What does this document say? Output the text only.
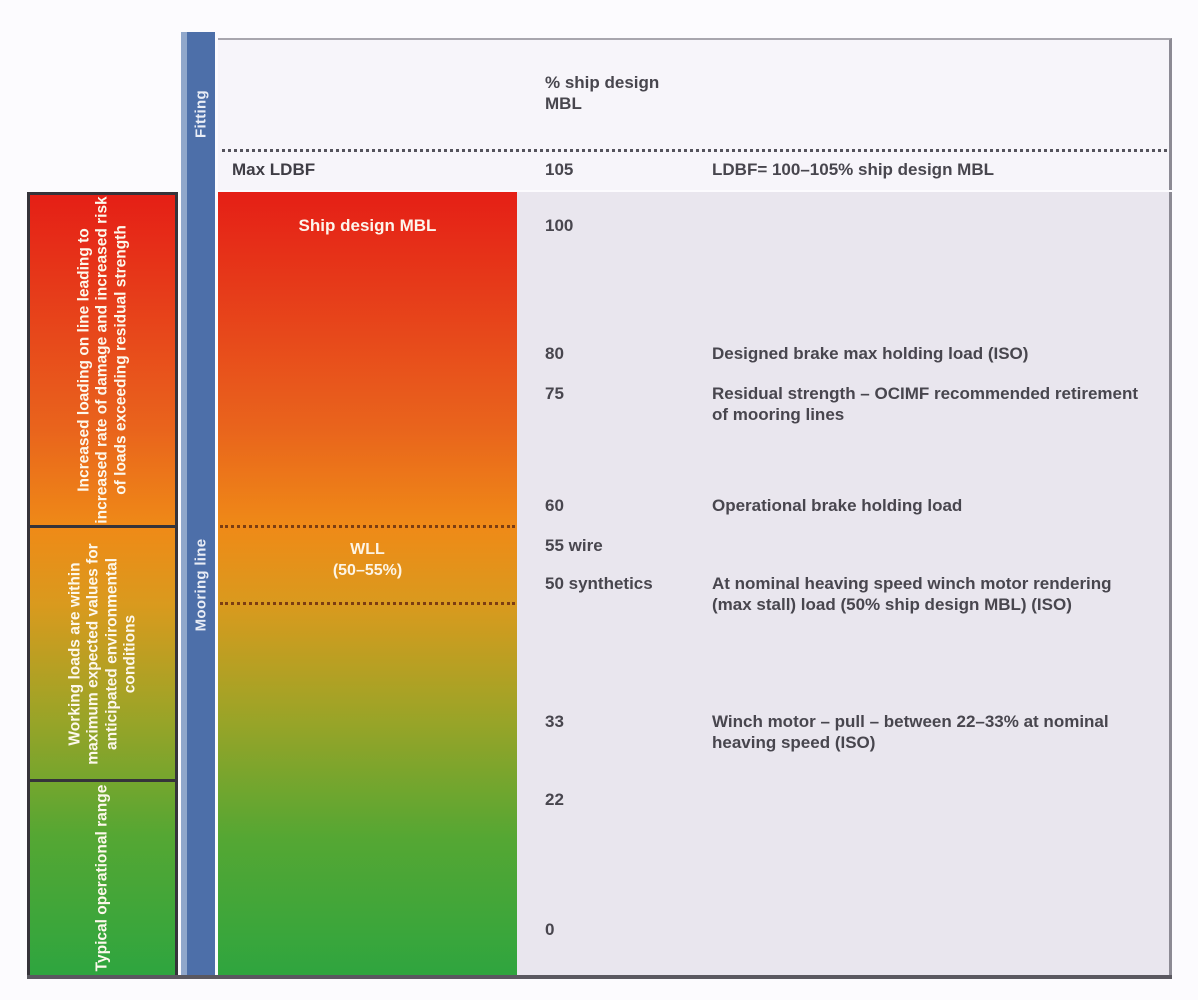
% ship design MBL
Max LDBF	105	LDBF= 100–105% ship design MBL
Fitting
Mooring line
Increased loading on line leading to increased rate of damage and increased risk of loads exceeding residual strength
Working loads are within maximum expected values for anticipated environmental conditions
Typical operational range
Ship design MBL
WLL
(50–55%)
100
80
75
60
55 wire
50 synthetics
33
22
0
Designed brake max holding load (ISO)
Residual strength – OCIMF recommended retirement of mooring lines
Operational brake holding load
At nominal heaving speed winch motor rendering (max stall) load (50% ship design MBL) (ISO)
Winch motor – pull – between 22–33% at nominal heaving speed (ISO)
